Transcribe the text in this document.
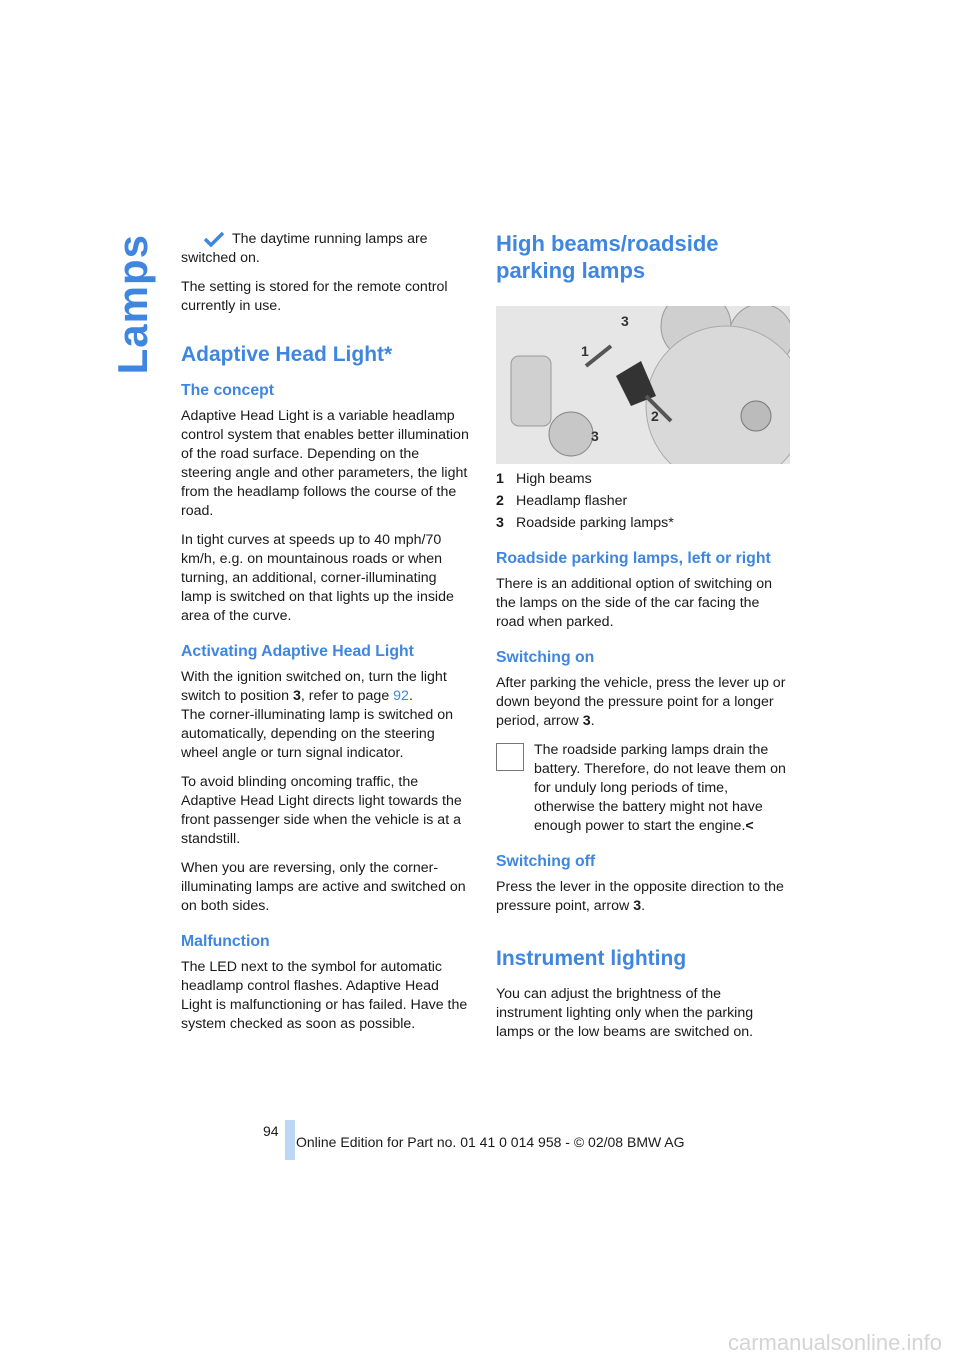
Lamps	The daytime running lamps are
switched on.

The setting is stored for the remote control currently in use.

Adaptive Head Light*
The concept

Adaptive Head Light is a variable headlamp control system that enables better illumination of the road surface. Depending on the steering angle and other parameters, the light from the headlamp follows the course of the road.

In tight curves at speeds up to 40 mph/70 km/h, e.g. on mountainous roads or when turning, an additional, corner-illuminating lamp is switched on that lights up the inside area of the curve.

Activating Adaptive Head Light

With the ignition switched on, turn the light switch to position 3, refer to page 92.
The corner-illuminating lamp is switched on automatically, depending on the steering wheel angle or turn signal indicator.

To avoid blinding oncoming traffic, the Adaptive Head Light directs light towards the front passenger side when the vehicle is at a standstill.

When you are reversing, only the corner-illuminating lamps are active and switched on on both sides.

Malfunction

The LED next to the symbol for automatic headlamp control flashes. Adaptive Head Light is malfunctioning or has failed. Have the system checked as soon as possible.

High beams/roadside parking lamps
1
2
3
3
1 High beams
2 Headlamp flasher
3 Roadside parking lamps*
Roadside parking lamps, left or right

There is an additional option of switching on the lamps on the side of the car facing the road when parked.

Switching on

After parking the vehicle, press the lever up or down beyond the pressure point for a longer period, arrow 3.

The roadside parking lamps drain the battery. Therefore, do not leave them on for unduly long periods of time, otherwise the battery might not have enough power to start the engine.<

Switching off

Press the lever in the opposite direction to the pressure point, arrow 3.

Instrument lighting

You can adjust the brightness of the instrument lighting only when the parking lamps or the low beams are switched on.

94
Online Edition for Part no. 01 41 0 014 958 - © 02/08 BMW AG
carmanualsonline.info
